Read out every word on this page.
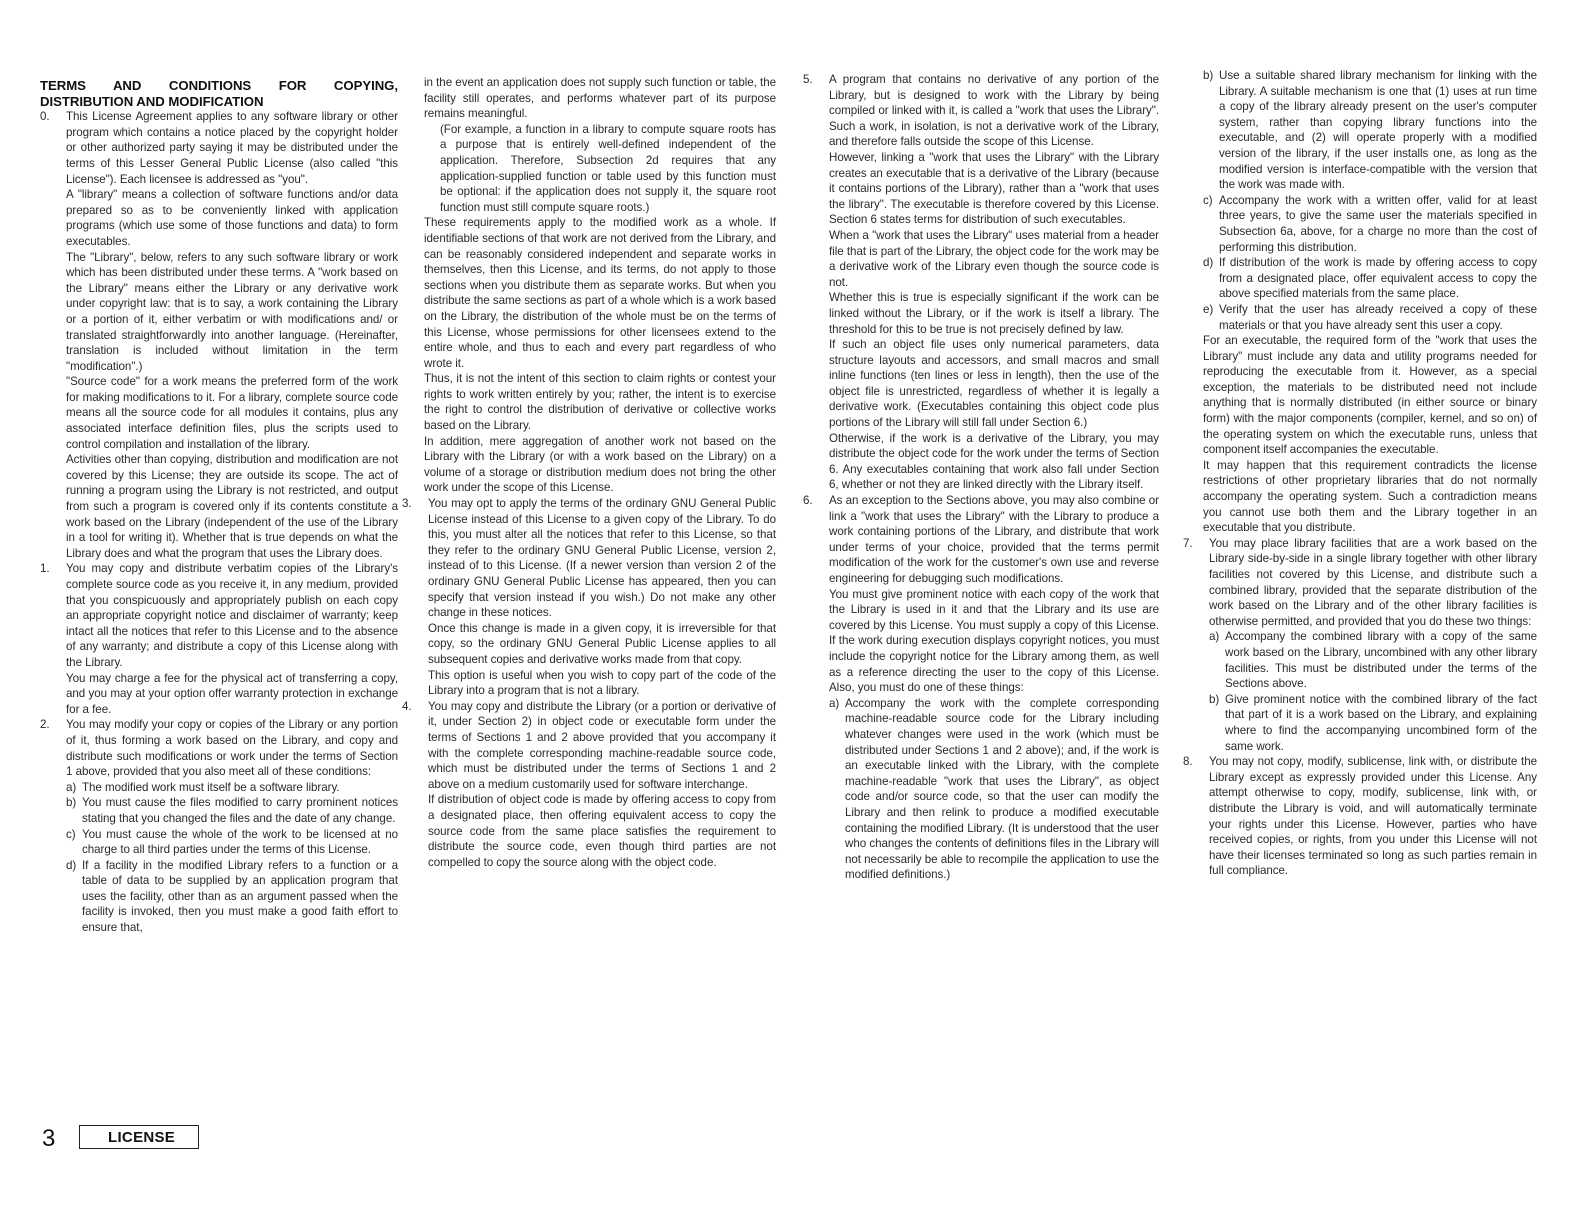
TERMS AND CONDITIONS FOR COPYING,
DISTRIBUTION AND MODIFICATION
0. This License Agreement applies to any software library or other program which contains a notice placed by the copyright holder or other authorized party saying it may be distributed under the terms of this Lesser General Public License (also called "this License"). Each licensee is addressed as "you".

A "library" means a collection of software functions and/or data prepared so as to be conveniently linked with application programs (which use some of those functions and data) to form executables.

The "Library", below, refers to any such software library or work which has been distributed under these terms. A "work based on the Library" means either the Library or any derivative work under copyright law: that is to say, a work containing the Library or a portion of it, either verbatim or with modifications and/ or translated straightforwardly into another language. (Hereinafter, translation is included without limitation in the term "modification".)

"Source code" for a work means the preferred form of the work for making modifications to it. For a library, complete source code means all the source code for all modules it contains, plus any associated interface definition files, plus the scripts used to control compilation and installation of the library.

Activities other than copying, distribution and modification are not covered by this License; they are outside its scope. The act of running a program using the Library is not restricted, and output from such a program is covered only if its contents constitute a work based on the Library (independent of the use of the Library in a tool for writing it). Whether that is true depends on what the Library does and what the program that uses the Library does.

1. You may copy and distribute verbatim copies of the Library's complete source code as you receive it, in any medium, provided that you conspicuously and appropriately publish on each copy an appropriate copyright notice and disclaimer of warranty; keep intact all the notices that refer to this License and to the absence of any warranty; and distribute a copy of this License along with the Library.

You may charge a fee for the physical act of transferring a copy, and you may at your option offer warranty protection in exchange for a fee.

2. You may modify your copy or copies of the Library or any portion of it, thus forming a work based on the Library, and copy and distribute such modifications or work under the terms of Section 1 above, provided that you also meet all of these conditions:

a) The modified work must itself be a software library.

b) You must cause the files modified to carry prominent notices stating that you changed the files and the date of any change.

c) You must cause the whole of the work to be licensed at no charge to all third parties under the terms of this License.

d) If a facility in the modified Library refers to a function or a table of data to be supplied by an application program that uses the facility, other than as an argument passed when the facility is invoked, then you must make a good faith effort to ensure that,

in the event an application does not supply such function or table, the facility still operates, and performs whatever part of its purpose remains meaningful.

(For example, a function in a library to compute square roots has a purpose that is entirely well-defined independent of the application. Therefore, Subsection 2d requires that any application-supplied function or table used by this function must be optional: if the application does not supply it, the square root function must still compute square roots.)

These requirements apply to the modified work as a whole. If identifiable sections of that work are not derived from the Library, and can be reasonably considered independent and separate works in themselves, then this License, and its terms, do not apply to those sections when you distribute them as separate works. But when you distribute the same sections as part of a whole which is a work based on the Library, the distribution of the whole must be on the terms of this License, whose permissions for other licensees extend to the entire whole, and thus to each and every part regardless of who wrote it.

Thus, it is not the intent of this section to claim rights or contest your rights to work written entirely by you; rather, the intent is to exercise the right to control the distribution of derivative or collective works based on the Library.

In addition, mere aggregation of another work not based on the Library with the Library (or with a work based on the Library) on a volume of a storage or distribution medium does not bring the other work under the scope of this License.

3. You may opt to apply the terms of the ordinary GNU General Public License instead of this License to a given copy of the Library. To do this, you must alter all the notices that refer to this License, so that they refer to the ordinary GNU General Public License, version 2, instead of to this License. (If a newer version than version 2 of the ordinary GNU General Public License has appeared, then you can specify that version instead if you wish.) Do not make any other change in these notices.

Once this change is made in a given copy, it is irreversible for that copy, so the ordinary GNU General Public License applies to all subsequent copies and derivative works made from that copy.

This option is useful when you wish to copy part of the code of the Library into a program that is not a library.

4. You may copy and distribute the Library (or a portion or derivative of it, under Section 2) in object code or executable form under the terms of Sections 1 and 2 above provided that you accompany it with the complete corresponding machine-readable source code, which must be distributed under the terms of Sections 1 and 2 above on a medium customarily used for software interchange.

If distribution of object code is made by offering access to copy from a designated place, then offering equivalent access to copy the source code from the same place satisfies the requirement to distribute the source code, even though third parties are not compelled to copy the source along with the object code.

5. A program that contains no derivative of any portion of the Library, but is designed to work with the Library by being compiled or linked with it, is called a "work that uses the Library". Such a work, in isolation, is not a derivative work of the Library, and therefore falls outside the scope of this License.

However, linking a "work that uses the Library" with the Library creates an executable that is a derivative of the Library (because it contains portions of the Library), rather than a "work that uses the library". The executable is therefore covered by this License. Section 6 states terms for distribution of such executables.

When a "work that uses the Library" uses material from a header file that is part of the Library, the object code for the work may be a derivative work of the Library even though the source code is not.

Whether this is true is especially significant if the work can be linked without the Library, or if the work is itself a library. The threshold for this to be true is not precisely defined by law.

If such an object file uses only numerical parameters, data structure layouts and accessors, and small macros and small inline functions (ten lines or less in length), then the use of the object file is unrestricted, regardless of whether it is legally a derivative work. (Executables containing this object code plus portions of the Library will still fall under Section 6.)

Otherwise, if the work is a derivative of the Library, you may distribute the object code for the work under the terms of Section 6. Any executables containing that work also fall under Section 6, whether or not they are linked directly with the Library itself.

6. As an exception to the Sections above, you may also combine or link a "work that uses the Library" with the Library to produce a work containing portions of the Library, and distribute that work under terms of your choice, provided that the terms permit modification of the work for the customer's own use and reverse engineering for debugging such modifications.

You must give prominent notice with each copy of the work that the Library is used in it and that the Library and its use are covered by this License. You must supply a copy of this License. If the work during execution displays copyright notices, you must include the copyright notice for the Library among them, as well as a reference directing the user to the copy of this License. Also, you must do one of these things:

a) Accompany the work with the complete corresponding machine-readable source code for the Library including whatever changes were used in the work (which must be distributed under Sections 1 and 2 above); and, if the work is an executable linked with the Library, with the complete machine-readable "work that uses the Library", as object code and/or source code, so that the user can modify the Library and then relink to produce a modified executable containing the modified Library. (It is understood that the user who changes the contents of definitions files in the Library will not necessarily be able to recompile the application to use the modified definitions.)

b) Use a suitable shared library mechanism for linking with the Library. A suitable mechanism is one that (1) uses at run time a copy of the library already present on the user's computer system, rather than copying library functions into the executable, and (2) will operate properly with a modified version of the library, if the user installs one, as long as the modified version is interface-compatible with the version that the work was made with.

c) Accompany the work with a written offer, valid for at least three years, to give the same user the materials specified in Subsection 6a, above, for a charge no more than the cost of performing this distribution.

d) If distribution of the work is made by offering access to copy from a designated place, offer equivalent access to copy the above specified materials from the same place.

e) Verify that the user has already received a copy of these materials or that you have already sent this user a copy.

For an executable, the required form of the "work that uses the Library" must include any data and utility programs needed for reproducing the executable from it. However, as a special exception, the materials to be distributed need not include anything that is normally distributed (in either source or binary form) with the major components (compiler, kernel, and so on) of the operating system on which the executable runs, unless that component itself accompanies the executable.

It may happen that this requirement contradicts the license restrictions of other proprietary libraries that do not normally accompany the operating system. Such a contradiction means you cannot use both them and the Library together in an executable that you distribute.

7. You may place library facilities that are a work based on the Library side-by-side in a single library together with other library facilities not covered by this License, and distribute such a combined library, provided that the separate distribution of the work based on the Library and of the other library facilities is otherwise permitted, and provided that you do these two things:

a) Accompany the combined library with a copy of the same work based on the Library, uncombined with any other library facilities. This must be distributed under the terms of the Sections above.

b) Give prominent notice with the combined library of the fact that part of it is a work based on the Library, and explaining where to find the accompanying uncombined form of the same work.

8. You may not copy, modify, sublicense, link with, or distribute the Library except as expressly provided under this License. Any attempt otherwise to copy, modify, sublicense, link with, or distribute the Library is void, and will automatically terminate your rights under this License. However, parties who have received copies, or rights, from you under this License will not have their licenses terminated so long as such parties remain in full compliance.

3	LICENSE
